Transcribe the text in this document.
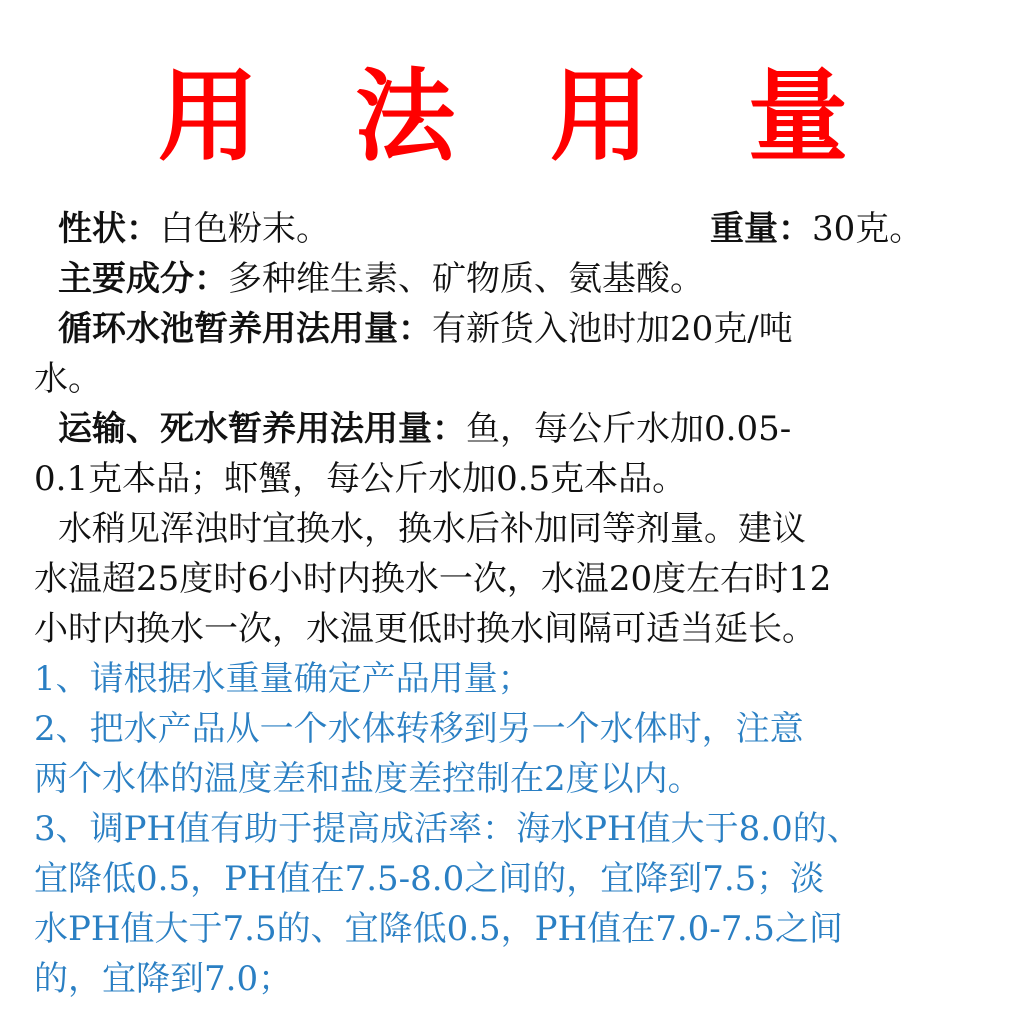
用 法 用 量
性状：白色粉末。	重量：30克。
主要成分：多种维生素、矿物质、氨基酸。
循环水池暂养用法用量：有新货入池时加20克/吨
水。
运输、死水暂养用法用量：鱼，每公斤水加0.05-
0.1克本品；虾蟹，每公斤水加0.5克本品。
水稍见浑浊时宜换水，换水后补加同等剂量。建议
水温超25度时6小时内换水一次，水温20度左右时12
小时内换水一次，水温更低时换水间隔可适当延长。
1、请根据水重量确定产品用量；
2、把水产品从一个水体转移到另一个水体时，注意
两个水体的温度差和盐度差控制在2度以内。
3、调PH值有助于提高成活率：海水PH值大于8.0的、
宜降低0.5，PH值在7.5-8.0之间的，宜降到7.5；淡
水PH值大于7.5的、宜降低0.5，PH值在7.0-7.5之间
的，宜降到7.0；
